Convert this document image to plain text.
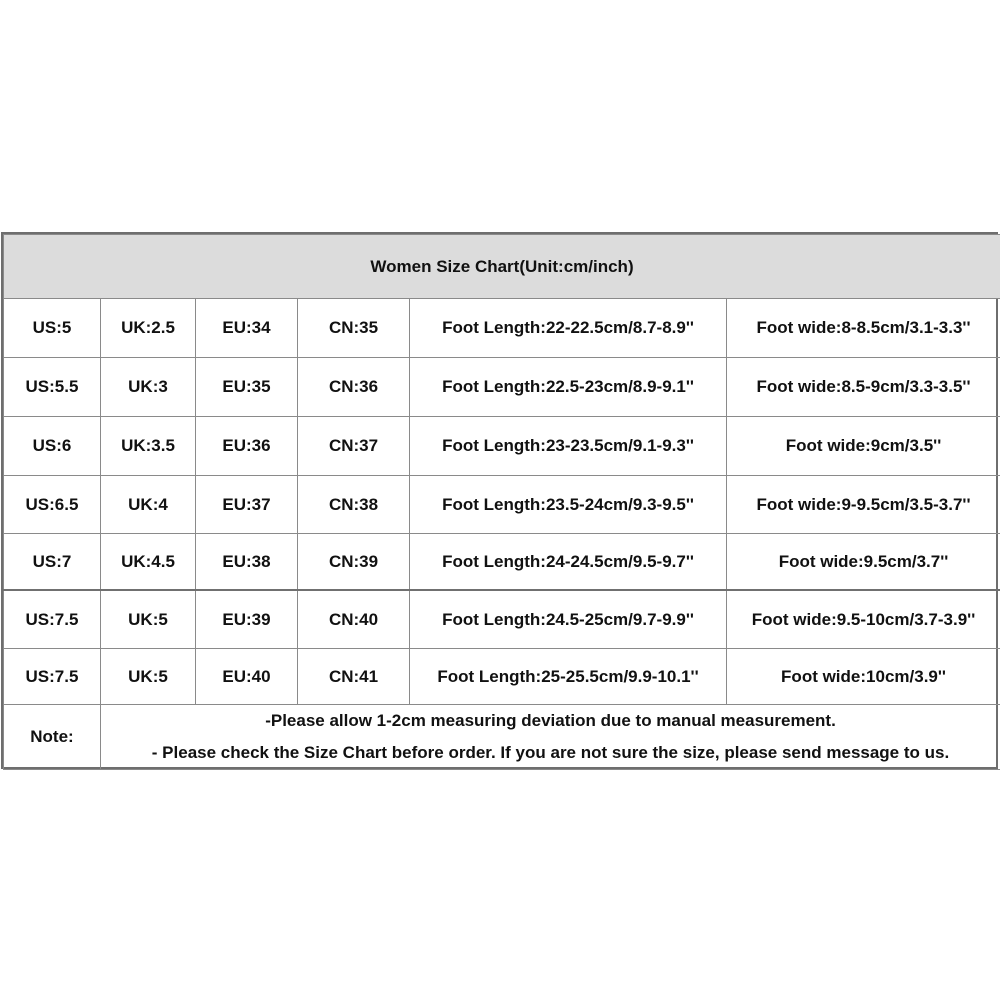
Women Size Chart(Unit:cm/inch)					
US:5	UK:2.5	EU:34	CN:35	Foot Length:22-22.5cm/8.7-8.9''	Foot wide:8-8.5cm/3.1-3.3''
US:5.5	UK:3	EU:35	CN:36	Foot Length:22.5-23cm/8.9-9.1''	Foot wide:8.5-9cm/3.3-3.5''
US:6	UK:3.5	EU:36	CN:37	Foot Length:23-23.5cm/9.1-9.3''	Foot wide:9cm/3.5''
US:6.5	UK:4	EU:37	CN:38	Foot Length:23.5-24cm/9.3-9.5''	Foot wide:9-9.5cm/3.5-3.7''
US:7	UK:4.5	EU:38	CN:39	Foot Length:24-24.5cm/9.5-9.7''	Foot wide:9.5cm/3.7''
US:7.5	UK:5	EU:39	CN:40	Foot Length:24.5-25cm/9.7-9.9''	Foot wide:9.5-10cm/3.7-3.9''
US:7.5	UK:5	EU:40	CN:41	Foot Length:25-25.5cm/9.9-10.1''	Foot wide:10cm/3.9''
Note:	-Please allow 1-2cm measuring deviation due to manual measurement.
- Please check the Size Chart before order. If you are not sure the size, please send message to us.				
